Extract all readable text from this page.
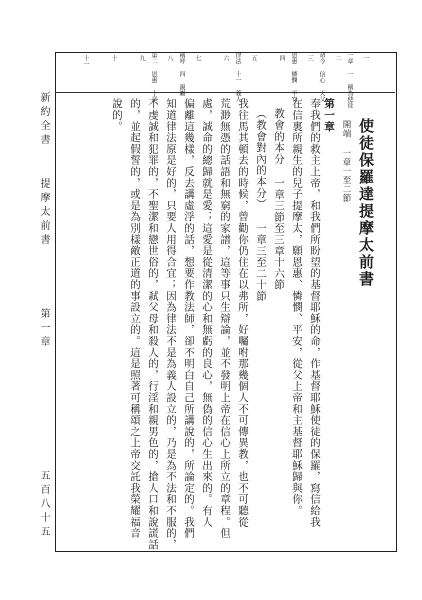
一
一章 一 稱為使徒
二
命令 信心 天父
三
恩惠 憐憫 平安
四
五
律法 十一 義人
六
七
稱呼 四 親屬
八
第二 恩惠 十章
九
十
十一
使徒保羅達提摩太前書
開端 一章一至二節
第一章
奉我們的救主上帝，和我們所盼望的基督耶穌的命，作基督耶穌使徒的保羅，寫信給我
在信裏所親生的兒子提摩太，願恩惠、憐憫、平安，從父上帝和主基督耶穌歸與你。
教會的本分 一章三節至三章十六節
（教會對內的本分） 一章三至二十節
我往馬其頓去的時候，曾勸你仍住在以弗所，好囑咐那幾個人不可傳異教，也不可聽從
荒渺無憑的話語和無窮的家譜，這等事只生辯論，並不發明上帝在信心上所立的章程。但
處，誠命的總歸就是愛；這愛是從清潔的心和無虧的良心，無偽的信心生出來的。有人
偏離這幾樣，反去講虛浮的話，想要作教法師，卻不明白自己所講說的，所論定的。我們
知道律法原是好的，只要人用得合宜；因為律法不是為義人設立的，乃是為不法和不服的，
不虔誠和犯罪的，不聖潔和戀世俗的，弒父母和殺人的，行淫和親男色的，搶人口和說謊話
的，並起假誓的，或是為別樣敵正道的事設立的。這是照著可稱頌之上帝交託我榮耀福音
說的。
新約全書
提摩太前書
第一章
五百八十五
